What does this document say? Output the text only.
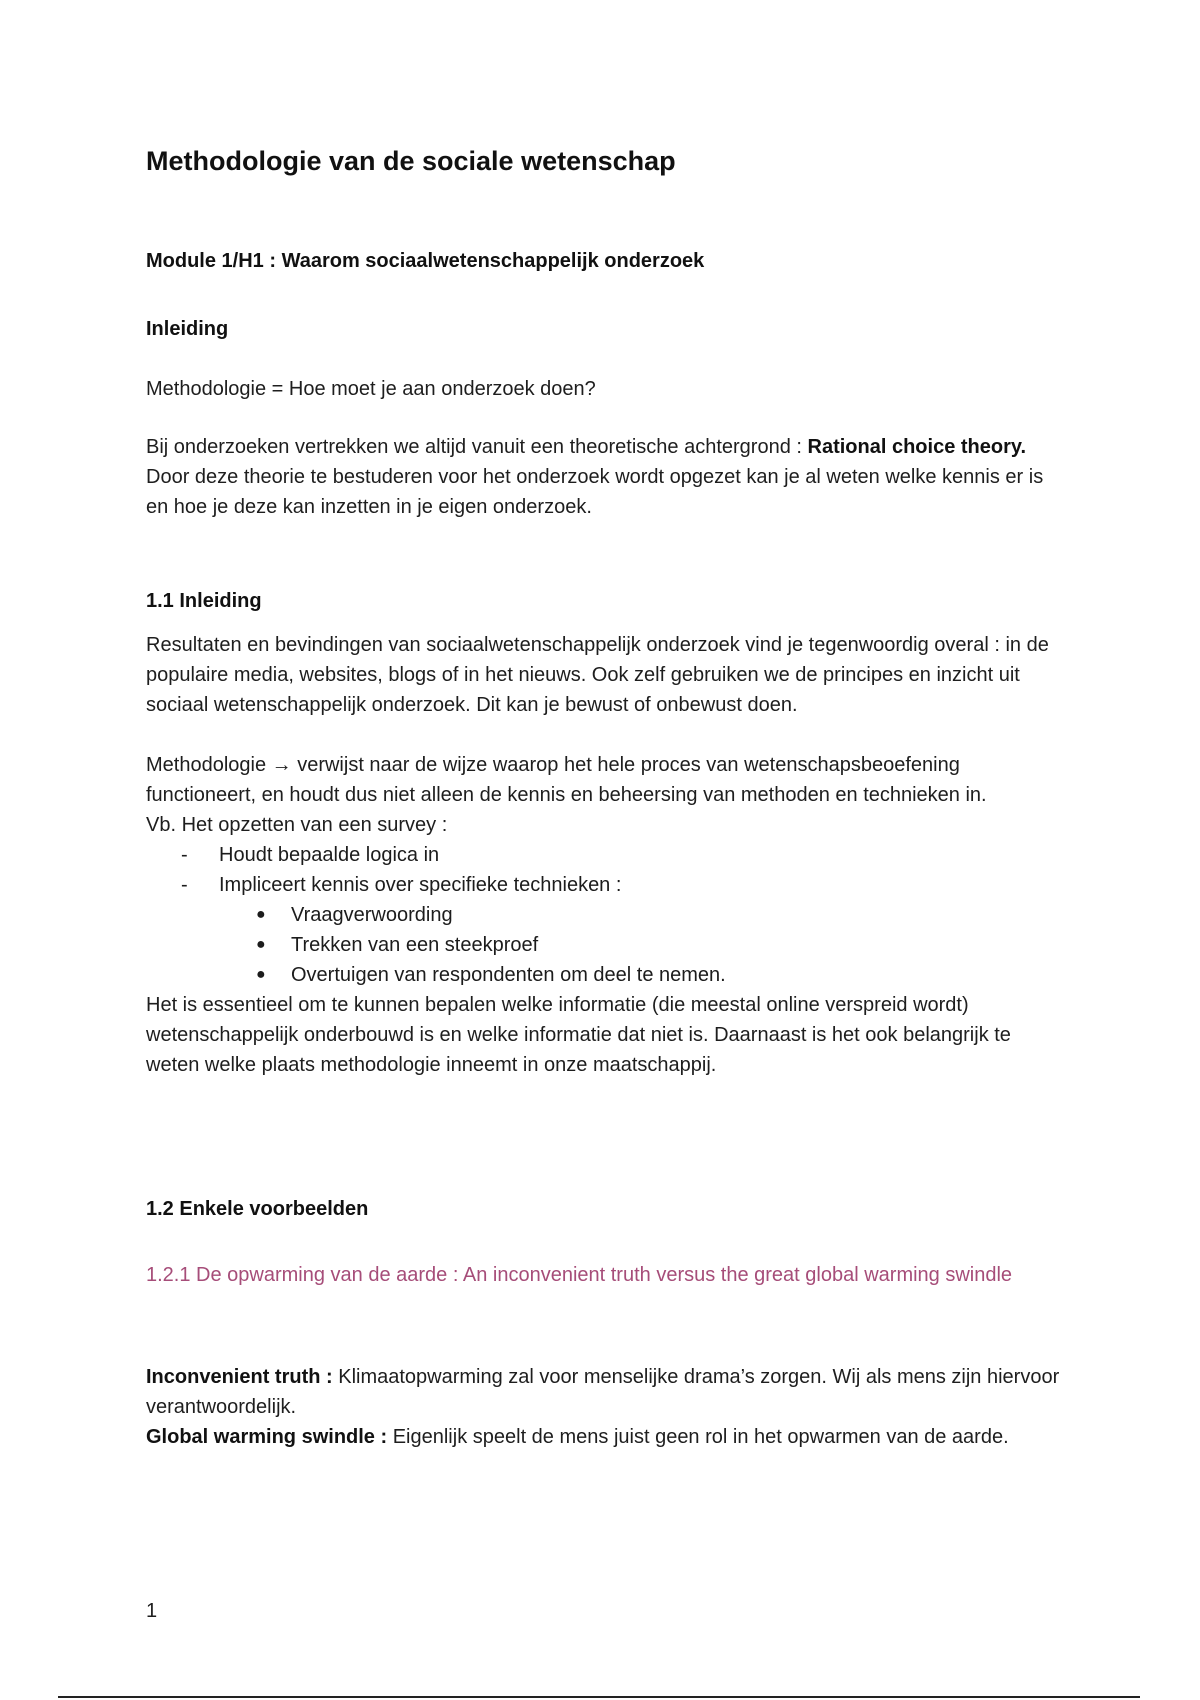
Methodologie van de sociale wetenschap
Module 1/H1 : Waarom sociaalwetenschappelijk onderzoek
Inleiding

Methodologie = Hoe moet je aan onderzoek doen?

Bij onderzoeken vertrekken we altijd vanuit een theoretische achtergrond : Rational choice theory. Door deze theorie te bestuderen voor het onderzoek wordt opgezet kan je al weten welke kennis er is en hoe je deze kan inzetten in je eigen onderzoek.

1.1 Inleiding

Resultaten en bevindingen van sociaalwetenschappelijk onderzoek vind je tegenwoordig overal : in de populaire media, websites, blogs of in het nieuws. Ook zelf gebruiken we de principes en inzicht uit sociaal wetenschappelijk onderzoek. Dit kan je bewust of onbewust doen.

Methodologie → verwijst naar de wijze waarop het hele proces van wetenschapsbeoefening functioneert, en houdt dus niet alleen de kennis en beheersing van methoden en technieken in.

Vb. Het opzetten van een survey :

- Houdt bepaalde logica in
- Impliceert kennis over specifieke technieken :
● Vraagverwoording
● Trekken van een steekproef
● Overtuigen van respondenten om deel te nemen.

Het is essentieel om te kunnen bepalen welke informatie (die meestal online verspreid wordt) wetenschappelijk onderbouwd is en welke informatie dat niet is. Daarnaast is het ook belangrijk te weten welke plaats methodologie inneemt in onze maatschappij.

1.2 Enkele voorbeelden

1.2.1 De opwarming van de aarde : An inconvenient truth versus the great global warming swindle

Inconvenient truth : Klimaatopwarming zal voor menselijke drama’s zorgen. Wij als mens zijn hiervoor verantwoordelijk.

Global warming swindle : Eigenlijk speelt de mens juist geen rol in het opwarmen van de aarde.

1
